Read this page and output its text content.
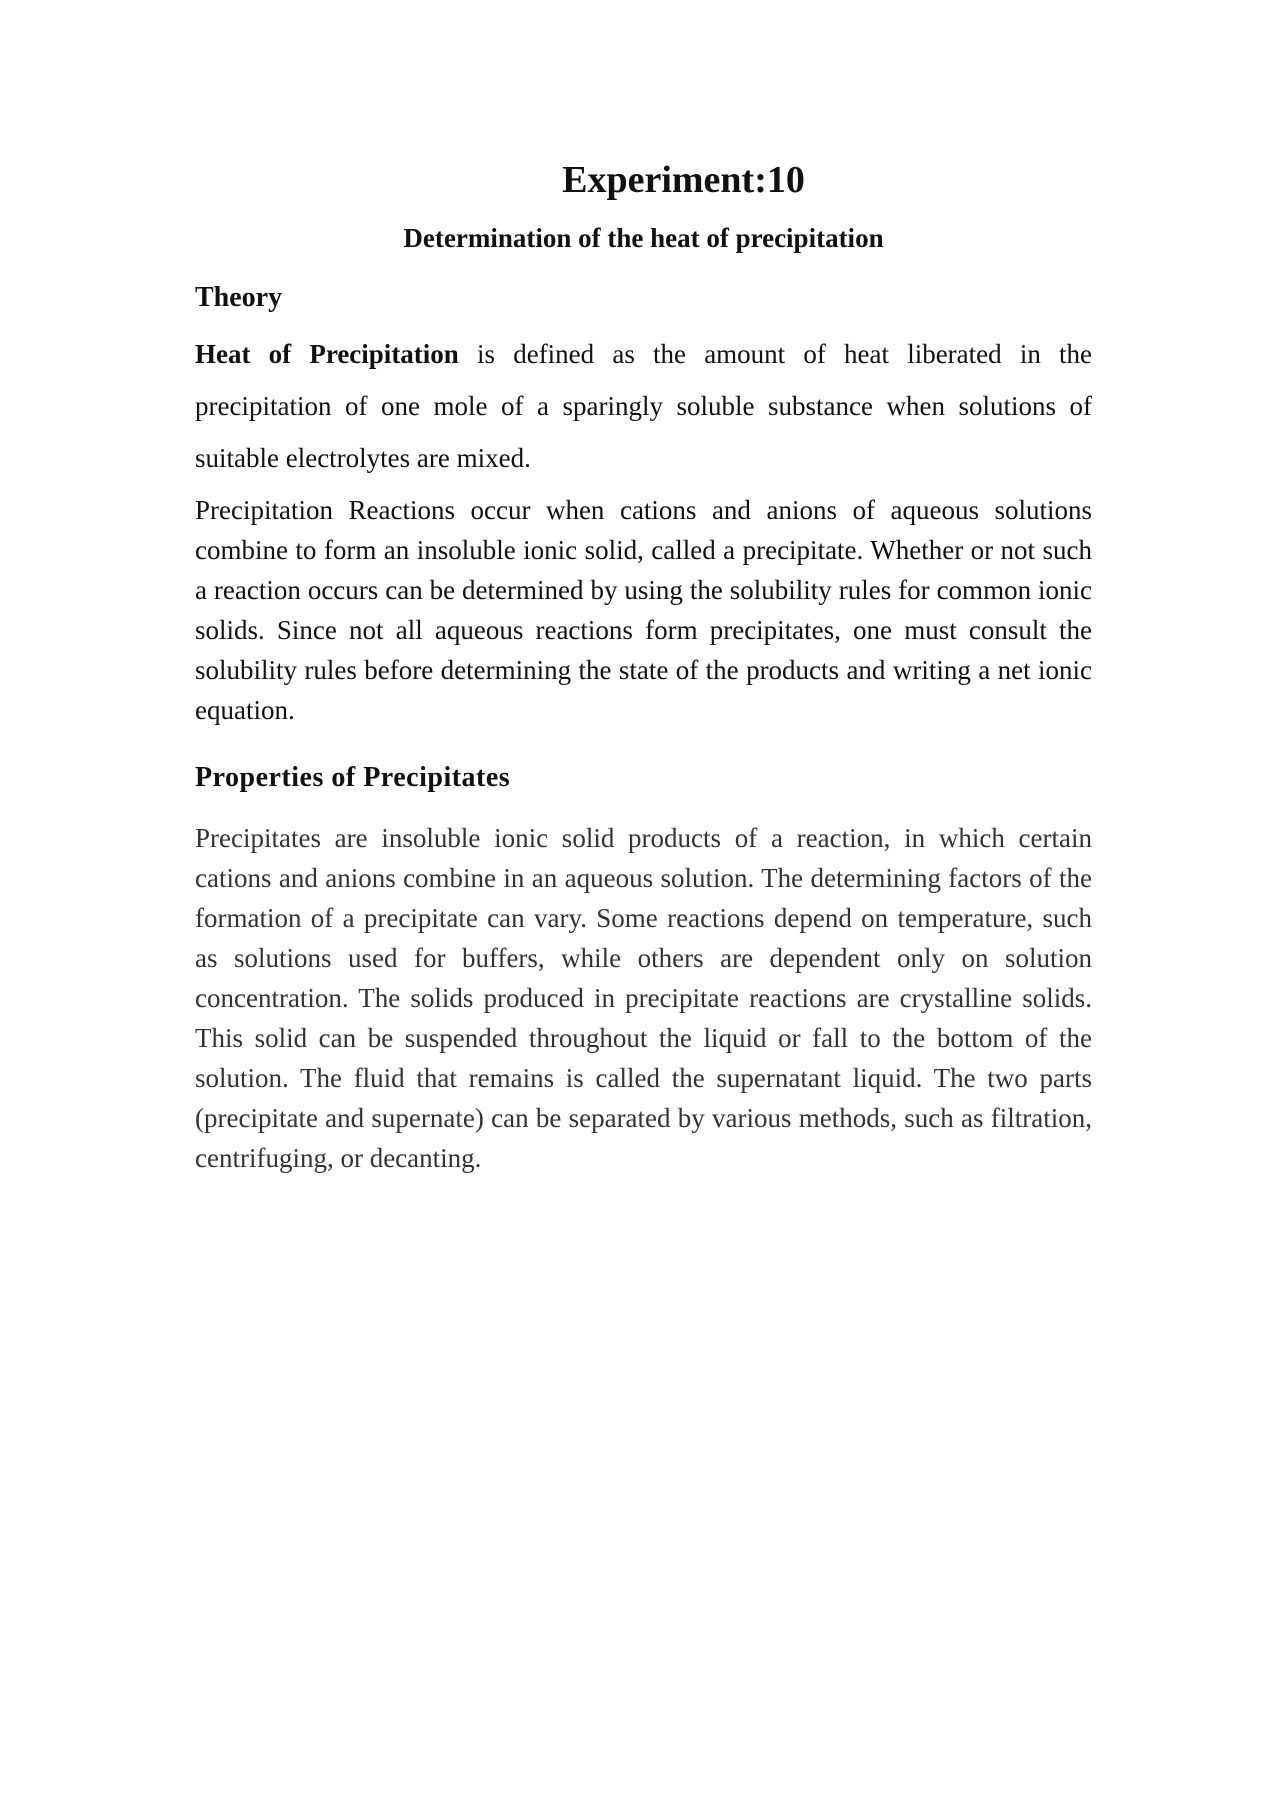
Experiment:10
Determination of the heat of precipitation
Theory

Heat of Precipitation is defined as the amount of heat liberated in the precipitation of one mole of a sparingly soluble substance when solutions of suitable electrolytes are mixed.

Precipitation Reactions occur when cations and anions of aqueous solutions combine to form an insoluble ionic solid, called a precipitate. Whether or not such a reaction occurs can be determined by using the solubility rules for common ionic solids. Since not all aqueous reactions form precipitates, one must consult the solubility rules before determining the state of the products and writing a net ionic equation.

Properties of Precipitates

Precipitates are insoluble ionic solid products of a reaction, in which certain cations and anions combine in an aqueous solution. The determining factors of the formation of a precipitate can vary. Some reactions depend on temperature, such as solutions used for buffers, while others are dependent only on solution concentration. The solids produced in precipitate reactions are crystalline solids. This solid can be suspended throughout the liquid or fall to the bottom of the solution. The fluid that remains is called the supernatant liquid. The two parts (precipitate and supernate) can be separated by various methods, such as filtration, centrifuging, or decanting.
